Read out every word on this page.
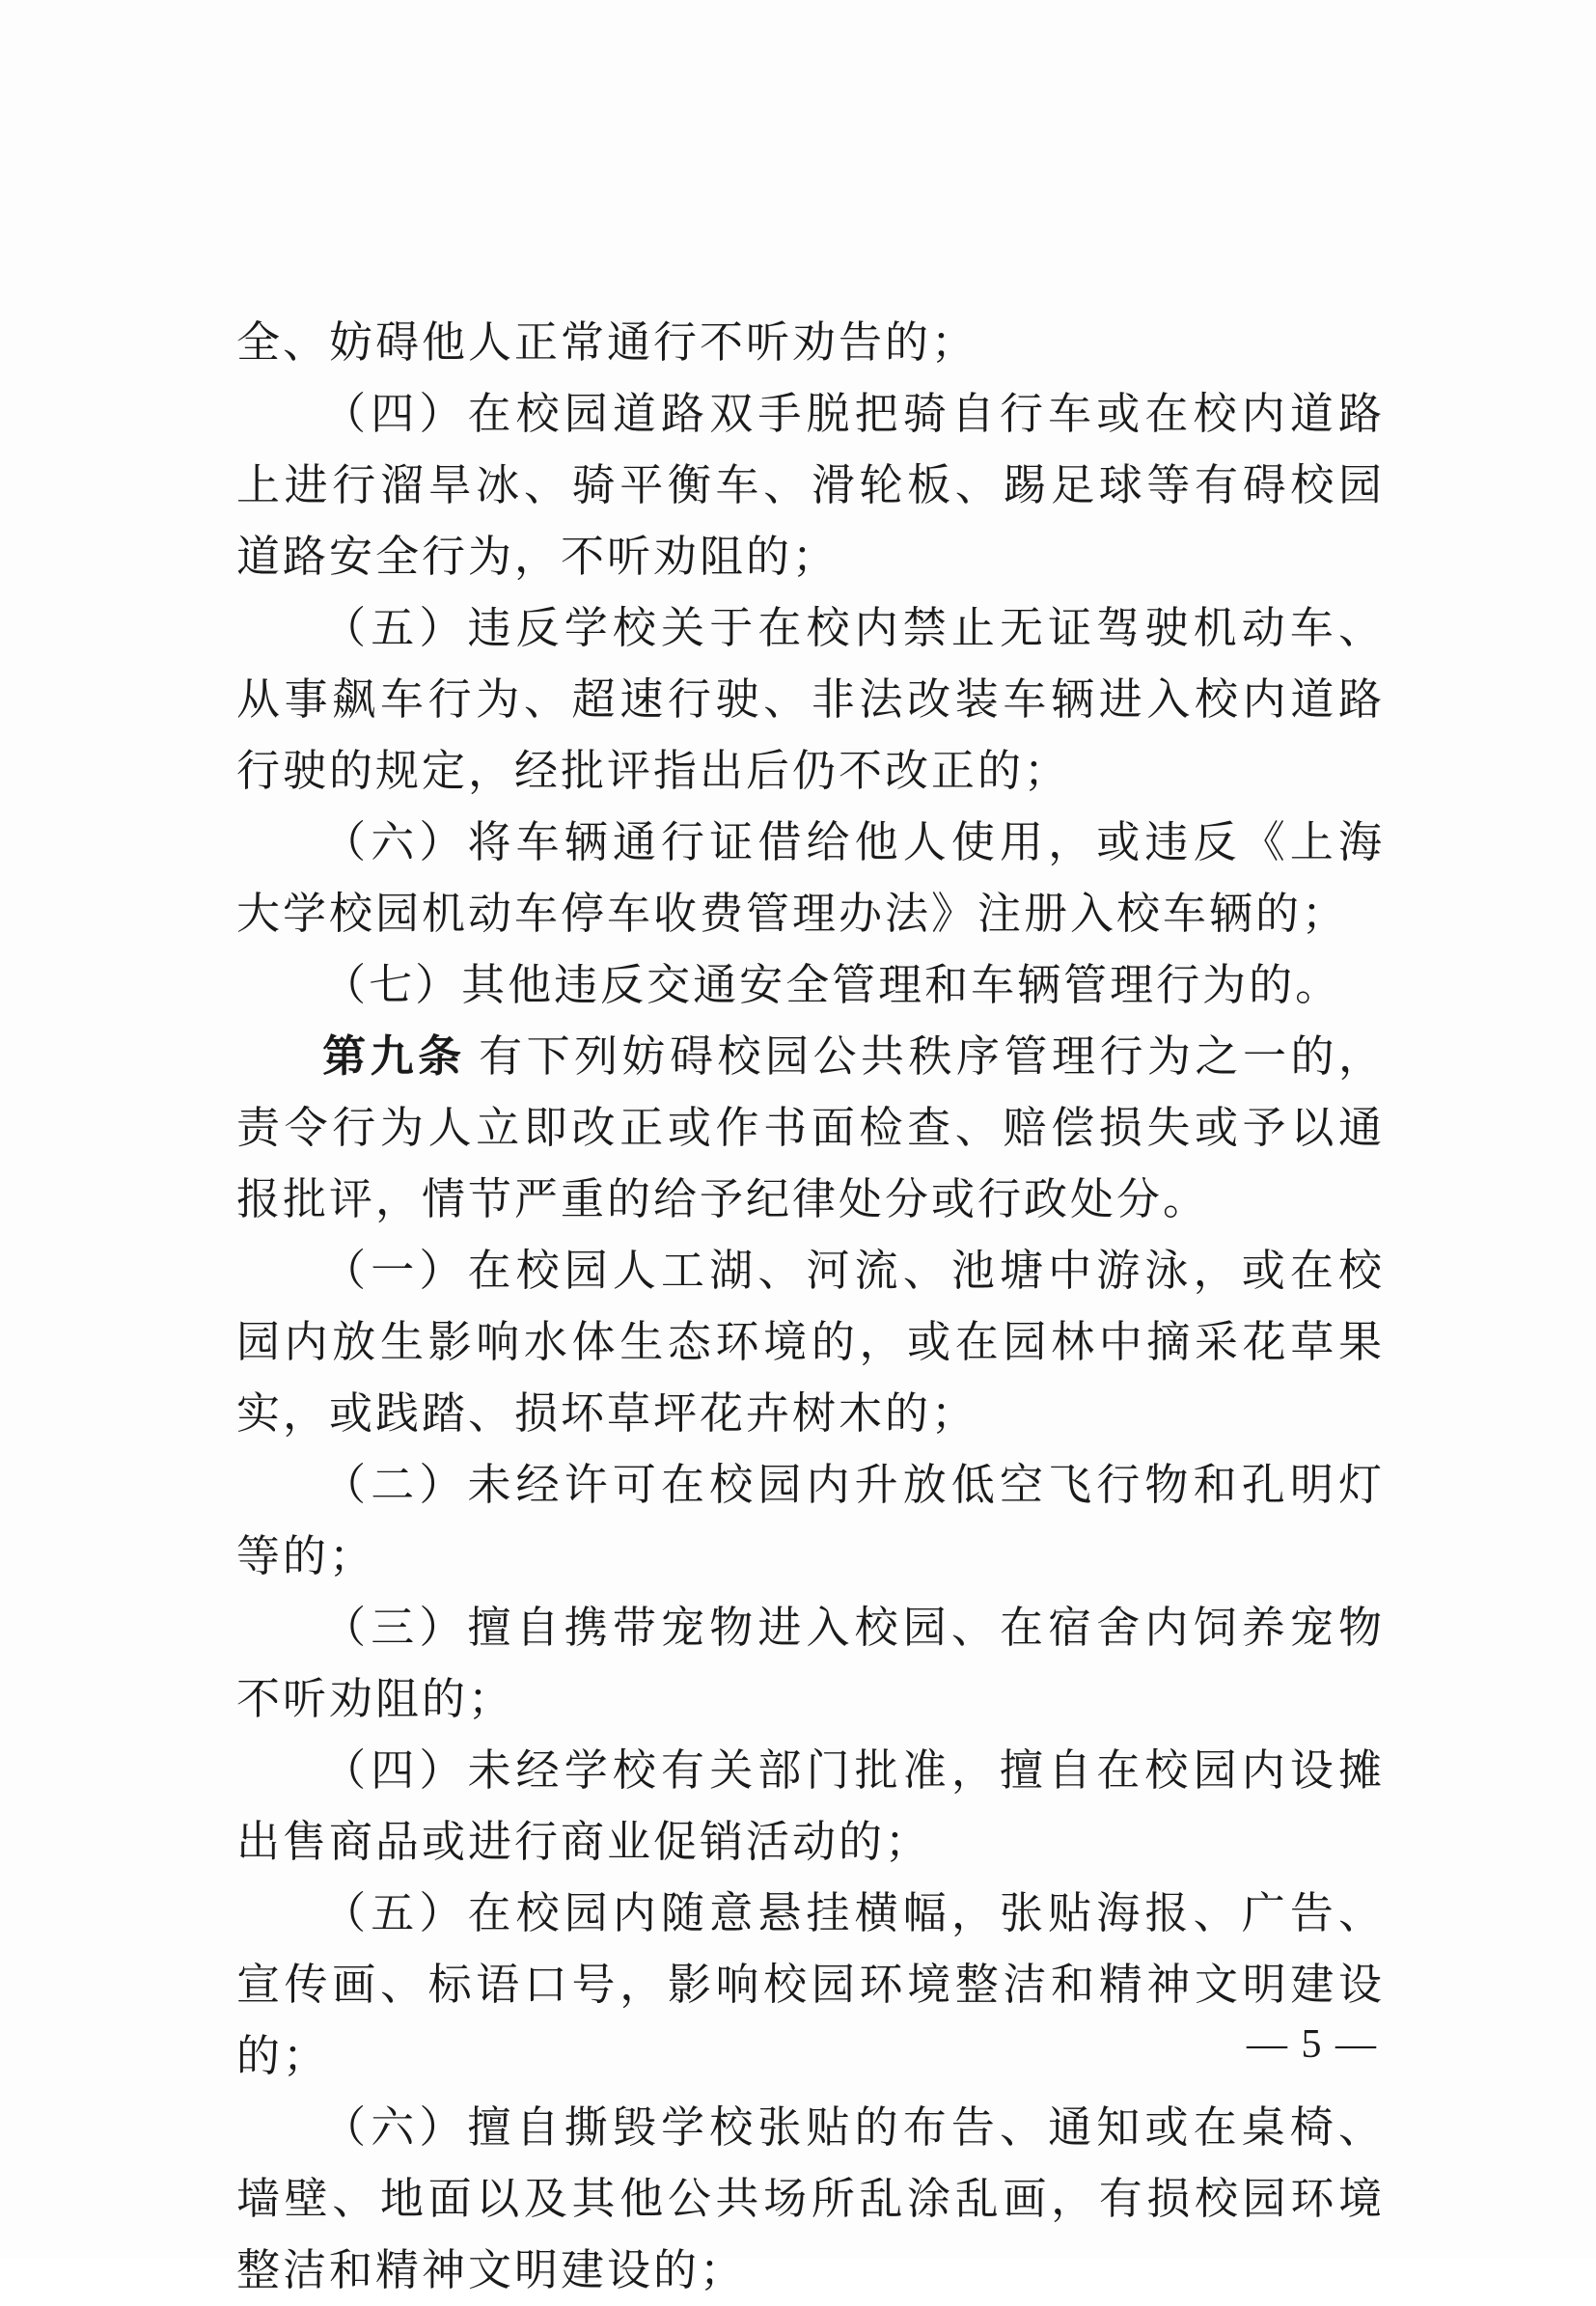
全、妨碍他人正常通行不听劝告的；

（四）在校园道路双手脱把骑自行车或在校内道路上进行溜旱冰、骑平衡车、滑轮板、踢足球等有碍校园道路安全行为，不听劝阻的；

（五）违反学校关于在校内禁止无证驾驶机动车、从事飙车行为、超速行驶、非法改装车辆进入校内道路行驶的规定，经批评指出后仍不改正的；

（六）将车辆通行证借给他人使用，或违反《上海大学校园机动车停车收费管理办法》注册入校车辆的；

（七）其他违反交通安全管理和车辆管理行为的。

第九条 有下列妨碍校园公共秩序管理行为之一的，责令行为人立即改正或作书面检查、赔偿损失或予以通报批评，情节严重的给予纪律处分或行政处分。

（一）在校园人工湖、河流、池塘中游泳，或在校园内放生影响水体生态环境的，或在园林中摘采花草果实，或践踏、损坏草坪花卉树木的；

（二）未经许可在校园内升放低空飞行物和孔明灯等的；

（三）擅自携带宠物进入校园、在宿舍内饲养宠物不听劝阻的；

（四）未经学校有关部门批准，擅自在校园内设摊出售商品或进行商业促销活动的；

（五）在校园内随意悬挂横幅，张贴海报、广告、宣传画、标语口号，影响校园环境整洁和精神文明建设的；

（六）擅自撕毁学校张贴的布告、通知或在桌椅、墙壁、地面以及其他公共场所乱涂乱画，有损校园环境整洁和精神文明建设的；

— 5 —
